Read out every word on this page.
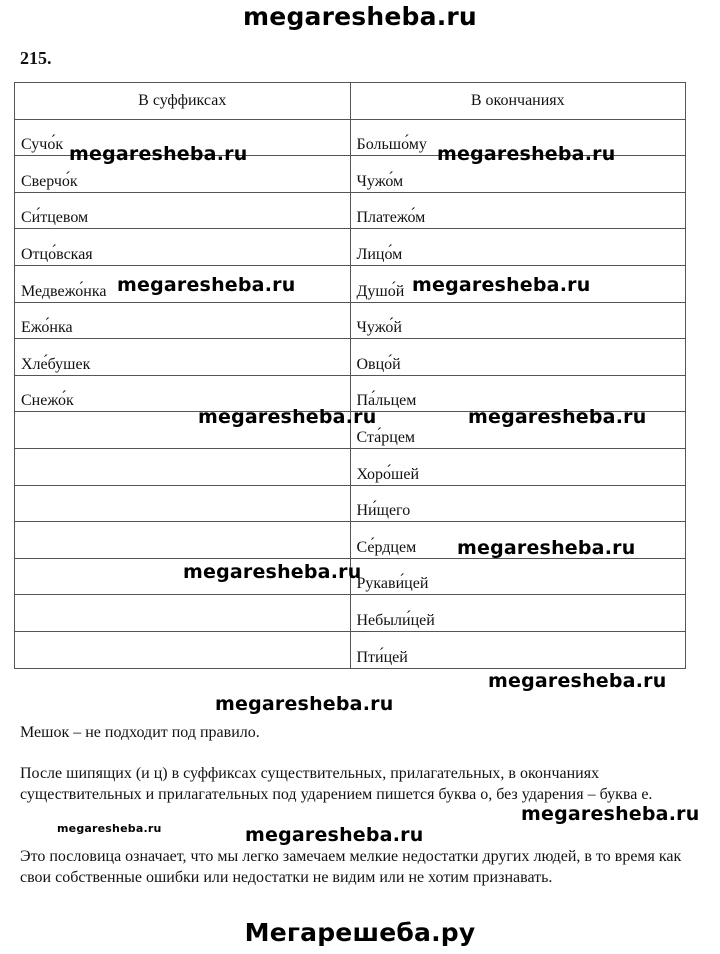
megaresheba.ru
215.
В суффиксах	В окончаниях
Сучо́к	Большо́му
Сверчо́к	Чужо́м
Си́тцевом	Платежо́м
Отцо́вская	Лицо́м
Медвежо́нка	Душо́й
Ежо́нка	Чужо́й
Хле́бушек	Овцо́й
Снежо́к	Па́льцем
	Ста́рцем
	Хоро́шей
	Ни́щего
	Се́рдцем
	Рукави́цей
	Небыли́цей
	Пти́цей
megaresheba.ru	megaresheba.ru
megaresheba.ru	megaresheba.ru
megaresheba.ru	megaresheba.ru
megaresheba.ru
megaresheba.ru
megaresheba.ru
megaresheba.ru
Мешок – не подходит под правило.
После шипящих (и ц) в суффиксах существительных, прилагательных, в окончаниях существительных и прилагательных под ударением пишется буква о, без ударения – буква е.
megaresheba.ru	megaresheba.ru
megaresheba.ru
Это пословица означает, что мы легко замечаем мелкие недостатки других людей, в то время как свои собственные ошибки или недостатки не видим или не хотим признавать.
Мегарешеба.ру
